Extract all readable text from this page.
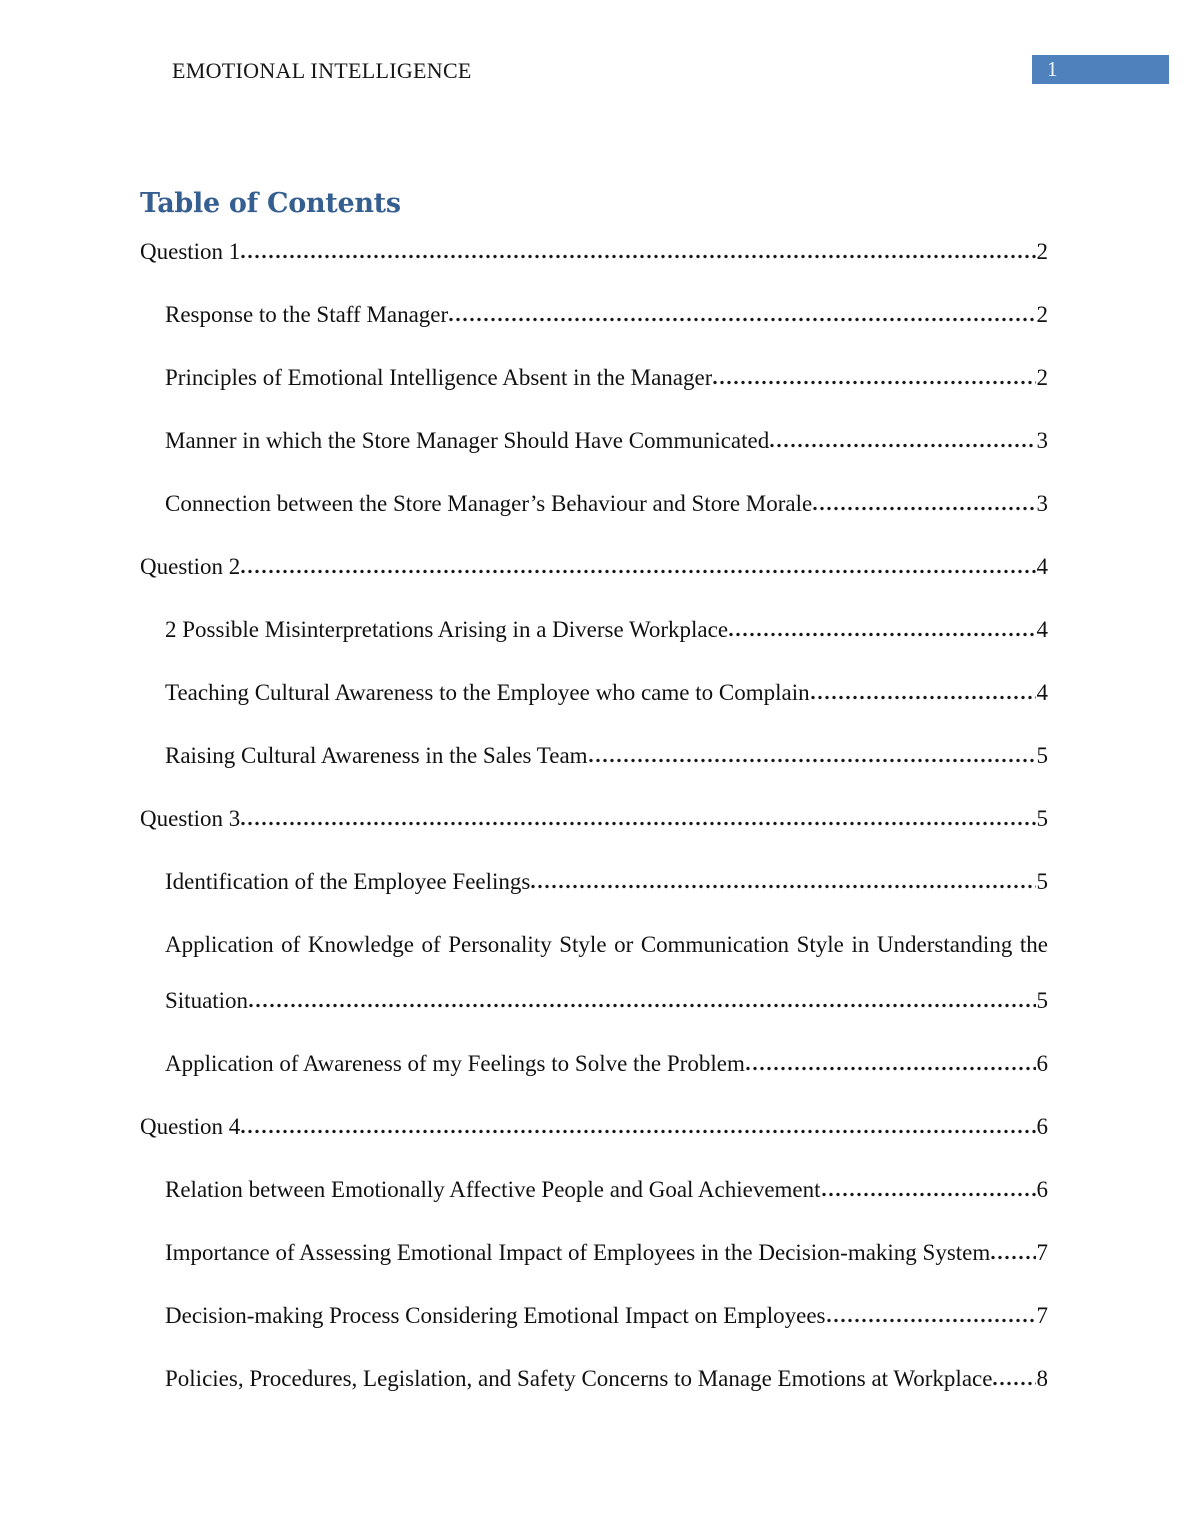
EMOTIONAL INTELLIGENCE	1
Table of Contents
Question 1	2
Response to the Staff Manager	2
Principles of Emotional Intelligence Absent in the Manager	2
Manner in which the Store Manager Should Have Communicated	3
Connection between the Store Manager’s Behaviour and Store Morale	3
Question 2	4
2 Possible Misinterpretations Arising in a Diverse Workplace	4
Teaching Cultural Awareness to the Employee who came to Complain	4
Raising Cultural Awareness in the Sales Team	5
Question 3	5
Identification of the Employee Feelings	5
Application of Knowledge of Personality Style or Communication Style in Understanding the
Situation	5
Application of Awareness of my Feelings to Solve the Problem	6
Question 4	6
Relation between Emotionally Affective People and Goal Achievement	6
Importance of Assessing Emotional Impact of Employees in the Decision-making System 7
Decision-making Process Considering Emotional Impact on Employees	7
Policies, Procedures, Legislation, and Safety Concerns to Manage Emotions at Workplace 8
